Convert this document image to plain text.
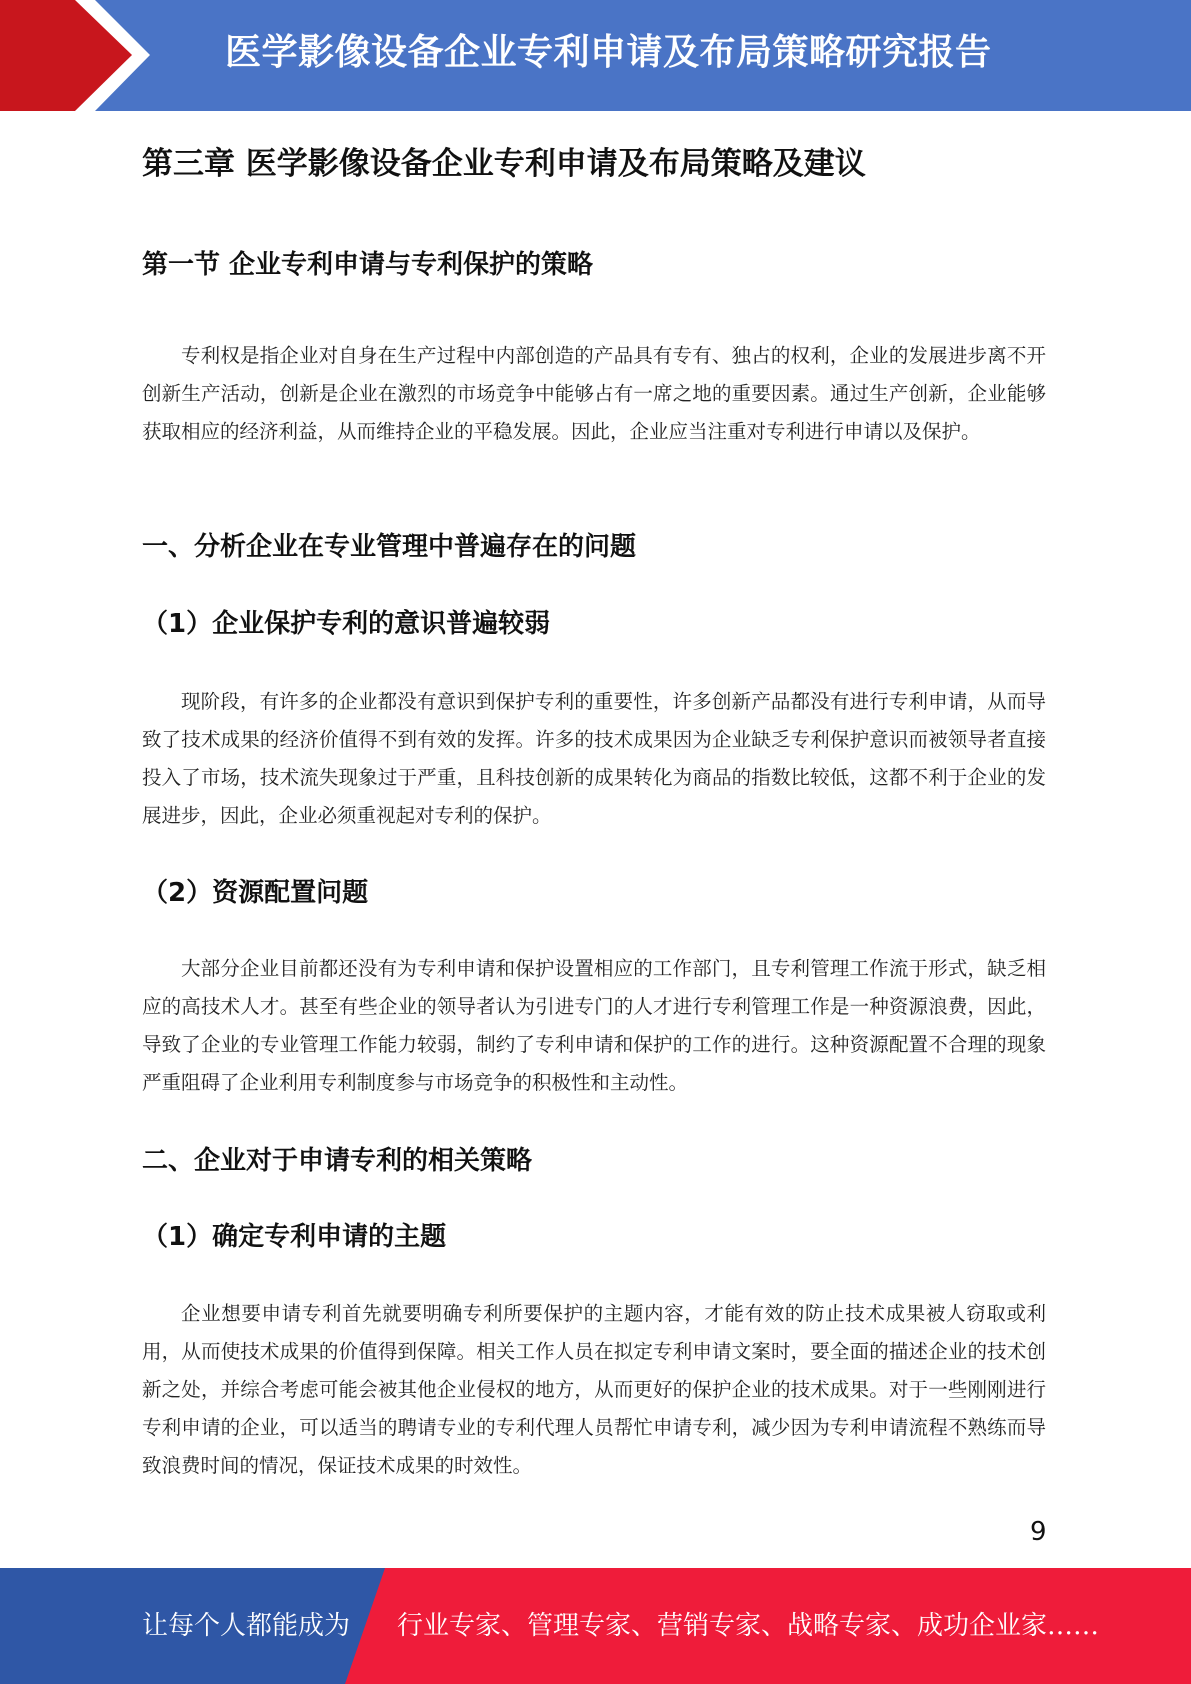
医学影像设备企业专利申请及布局策略研究报告
第三章 医学影像设备企业专利申请及布局策略及建议
第一节 企业专利申请与专利保护的策略

专利权是指企业对自身在生产过程中内部创造的产品具有专有、独占的权利，企业的发展进步离不开创新生产活动，创新是企业在激烈的市场竞争中能够占有一席之地的重要因素。通过生产创新，企业能够获取相应的经济利益，从而维持企业的平稳发展。因此，企业应当注重对专利进行申请以及保护。

一、分析企业在专业管理中普遍存在的问题
（1）企业保护专利的意识普遍较弱

现阶段，有许多的企业都没有意识到保护专利的重要性，许多创新产品都没有进行专利申请，从而导致了技术成果的经济价值得不到有效的发挥。许多的技术成果因为企业缺乏专利保护意识而被领导者直接投入了市场，技术流失现象过于严重，且科技创新的成果转化为商品的指数比较低，这都不利于企业的发展进步，因此，企业必须重视起对专利的保护。

（2）资源配置问题

大部分企业目前都还没有为专利申请和保护设置相应的工作部门，且专利管理工作流于形式，缺乏相应的高技术人才。甚至有些企业的领导者认为引进专门的人才进行专利管理工作是一种资源浪费，因此，导致了企业的专业管理工作能力较弱，制约了专利申请和保护的工作的进行。这种资源配置不合理的现象严重阻碍了企业利用专利制度参与市场竞争的积极性和主动性。

二、企业对于申请专利的相关策略
（1）确定专利申请的主题

企业想要申请专利首先就要明确专利所要保护的主题内容，才能有效的防止技术成果被人窃取或利用，从而使技术成果的价值得到保障。相关工作人员在拟定专利申请文案时，要全面的描述企业的技术创新之处，并综合考虑可能会被其他企业侵权的地方，从而更好的保护企业的技术成果。对于一些刚刚进行专利申请的企业，可以适当的聘请专业的专利代理人员帮忙申请专利，减少因为专利申请流程不熟练而导致浪费时间的情况，保证技术成果的时效性。

9
让每个人都能成为 行业专家、管理专家、营销专家、战略专家、成功企业家……
